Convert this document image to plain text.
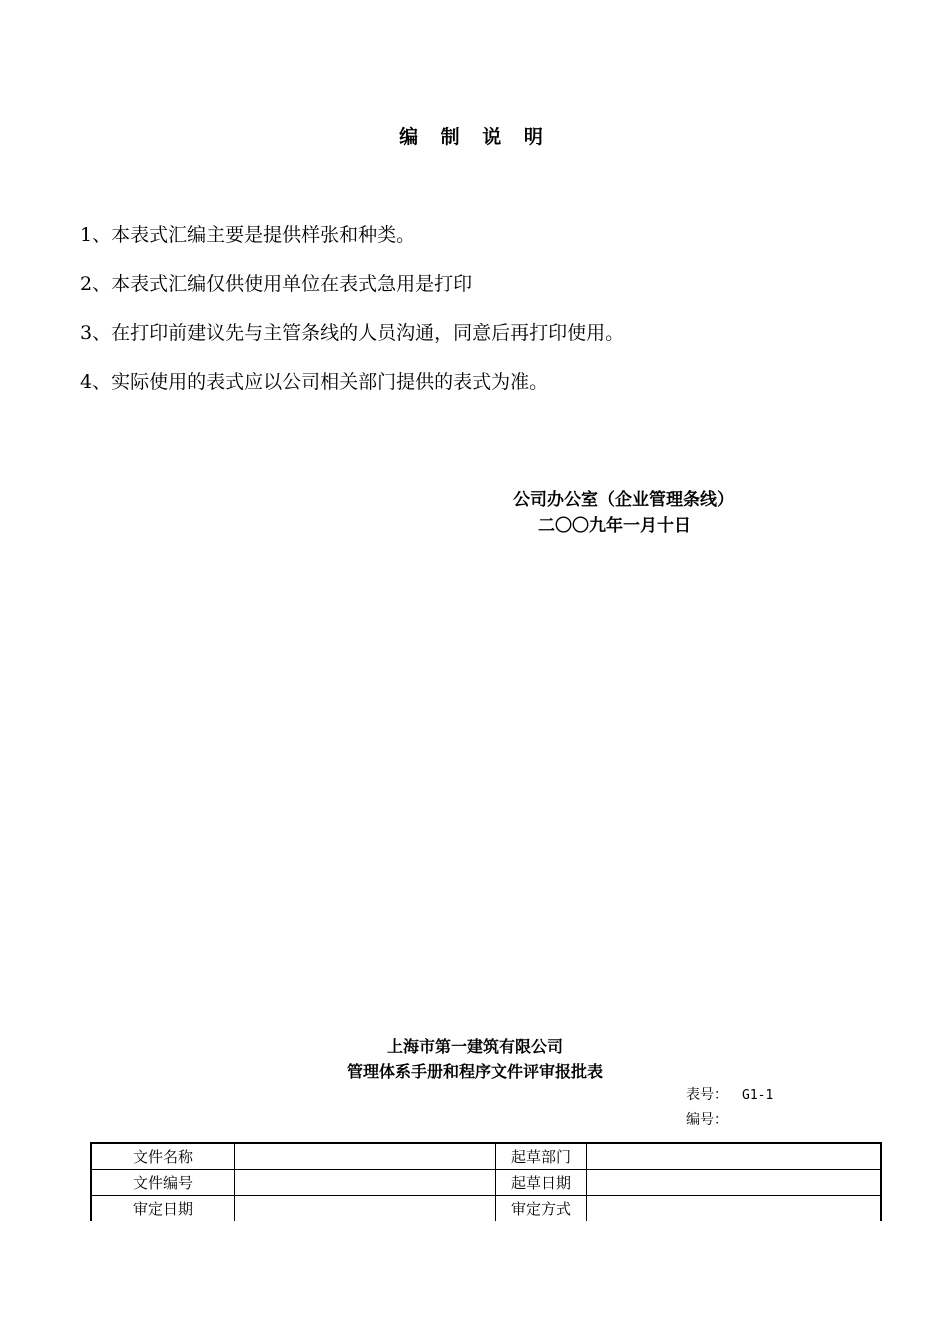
编 制 说 明
1、本表式汇编主要是提供样张和种类。
2、本表式汇编仅供使用单位在表式急用是打印
3、在打印前建议先与主管条线的人员沟通，同意后再打印使用。
4、实际使用的表式应以公司相关部门提供的表式为准。
公司办公室（企业管理条线）
二〇〇九年一月十日
上海市第一建筑有限公司
管理体系手册和程序文件评审报批表
表号： G1-1
编号：
文件名称		起草部门	
文件编号		起草日期	
审定日期		审定方式	
